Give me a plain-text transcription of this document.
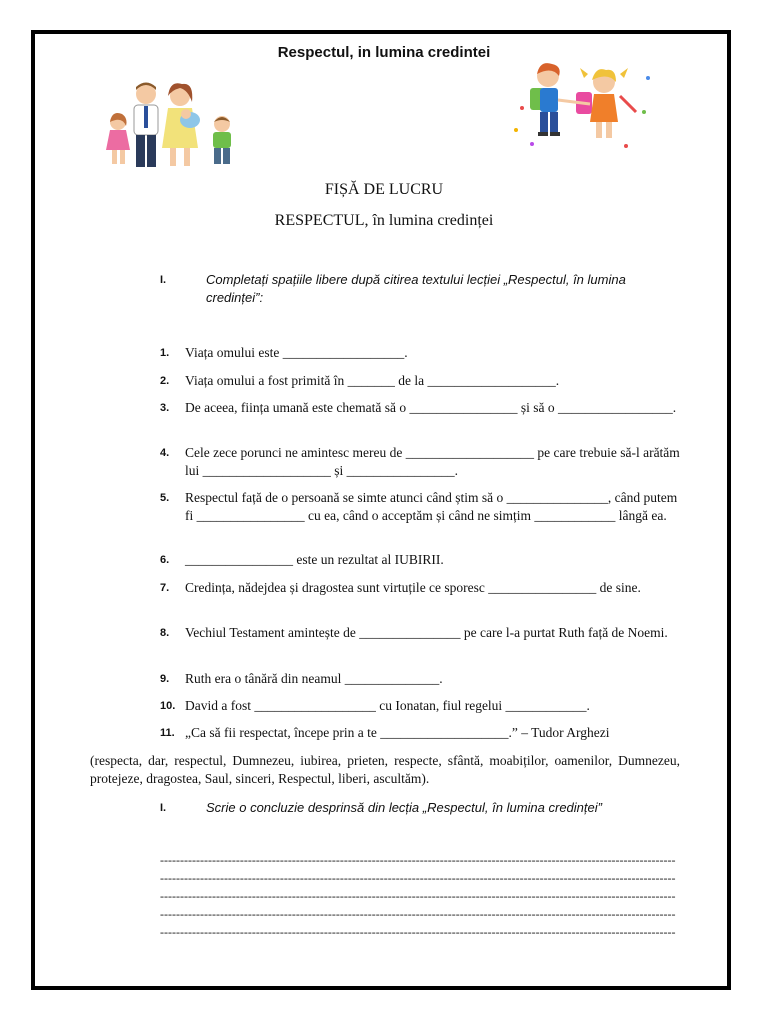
Respectul, in lumina credintei
FIȘĂ DE LUCRU
RESPECTUL, în lumina credinței
I.	Completați spațiile libere după citirea textului lecției „Respectul, în lumina credinței”:
1. Viața omului este __________________.
2. Viața omului a fost primită în _______ de la ___________________.
3. De aceea, ființa umană este chemată să o ________________ și să o _________________.
4. Cele zece porunci ne amintesc mereu de ___________________ pe care trebuie să-l arătăm lui ___________________ și ________________.
5. Respectul față de o persoană se simte atunci când știm să o _______________, când putem fi ________________ cu ea, când o acceptăm și când ne simțim ____________ lângă ea.
6. ________________ este un rezultat al IUBIRII.
7. Credința, nădejdea și dragostea sunt virtuțile ce sporesc ________________ de sine.
8. Vechiul Testament amintește de _______________ pe care l-a purtat Ruth față de Noemi.
9. Ruth era o tânără din neamul ______________.
10. David a fost __________________ cu Ionatan, fiul regelui ____________.
11. „Ca să fii respectat, începe prin a te ___________________.” – Tudor Arghezi
(respecta, dar, respectul, Dumnezeu, iubirea, prieten, respecte, sfântă, moabiților, oamenilor, Dumnezeu, protejeze, dragostea, Saul, sinceri, Respectul, liberi, ascultăm).
I.	Scrie o concluzie desprinsă din lecția „Respectul, în lumina credinței”
---------------------------------------------------------------------------------------------------------------------------------
---------------------------------------------------------------------------------------------------------------------------------
---------------------------------------------------------------------------------------------------------------------------------
---------------------------------------------------------------------------------------------------------------------------------
---------------------------------------------------------------------------------------------------------------------------------
